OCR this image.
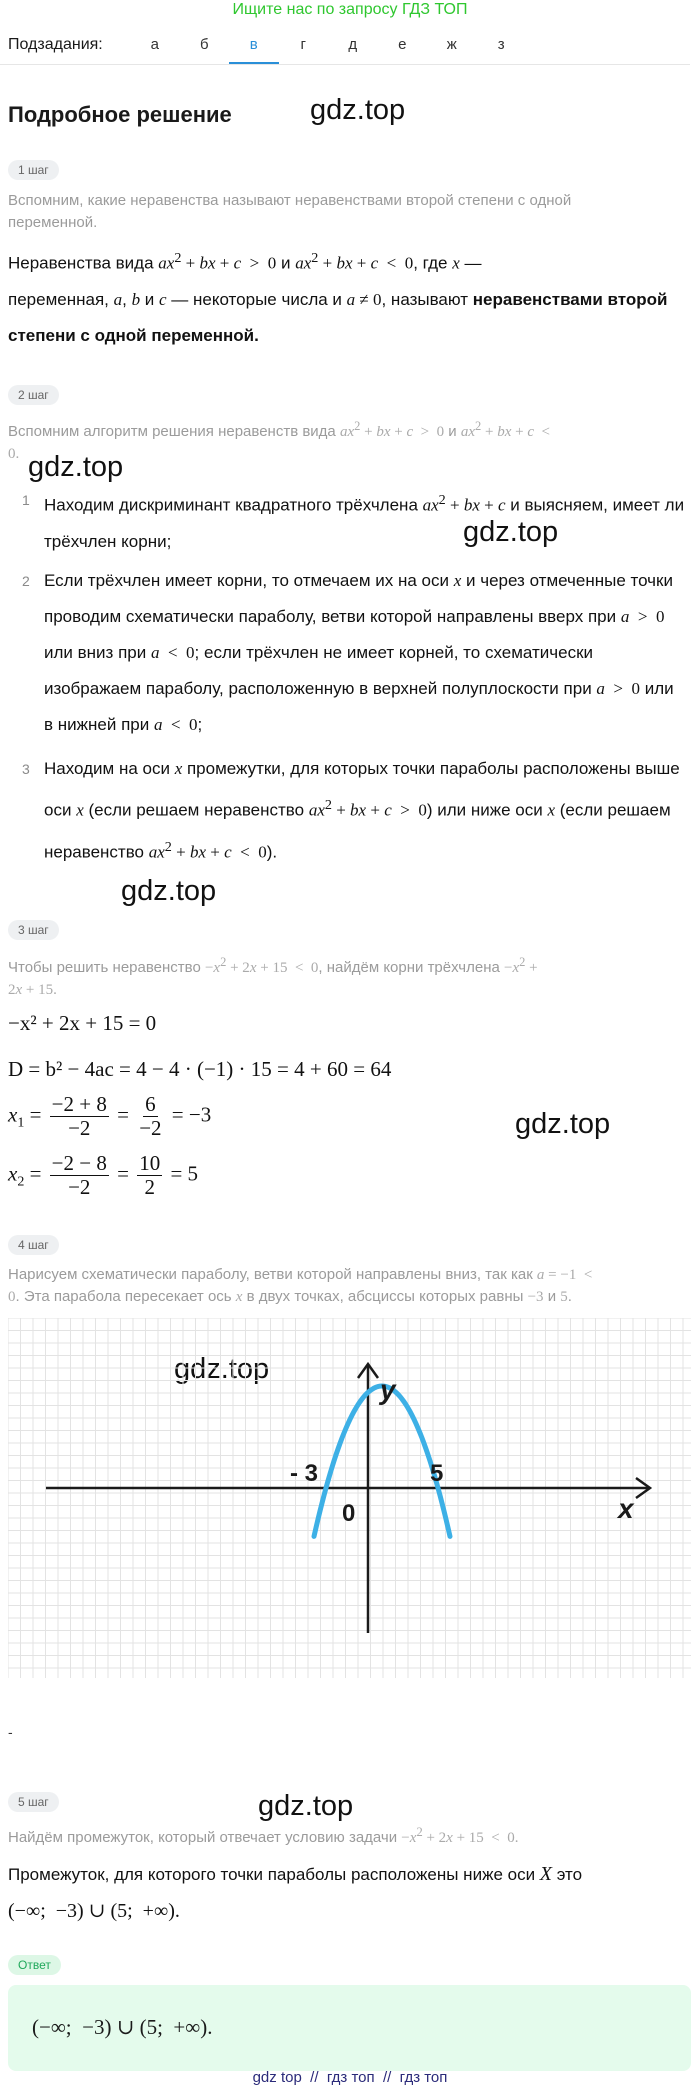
Ищите нас по запросу ГДЗ ТОП
Подзадания:	а	б	в	г	д	е	ж	з
Подробное решение	gdz.top
gdz.top
gdz.top
gdz.top
gdz.top
gdz.top
gdz.top
1 шаг
Вспомним, какие неравенства называют неравенствами второй степени с одной переменной.
Неравенства вида $ax^2$ + bx + c  >  0 и $ax^2$ + bx + c  <  0, где x —
переменная, a, b и c — некоторые числа и a ≠ 0, называют неравенствами второй степени с одной переменной.
2 шаг
Вспомним алгоритм решения неравенств вида $ax^2$ + bx + c  >  0 и $ax^2$ + bx + c  <
0.
1 Находим дискриминант квадратного трёхчлена $ax^2$ + bx + c и выясняем, имеет ли трёхчлен корни;
2 Если трёхчлен имеет корни, то отмечаем их на оси x и через отмеченные точки проводим схематически параболу, ветви которой направлены вверх при a  >  0 или вниз при a  <  0; если трёхчлен не имеет корней, то схематически изображаем параболу, расположенную в верхней полуплоскости при a  >  0 или в нижней при a  <  0;
3 Находим на оси x промежутки, для которых точки параболы расположены выше оси x (если решаем неравенство $ax^2$ + bx + c  >  0) или ниже оси x (если решаем неравенство $ax^2$ + bx + c  <  0).
3 шаг
Чтобы решить неравенство $-x^2 + 2x + 15 < 0$, найдём корни трёхчлена $-x^2$ +
2x + 15.
−x² + 2x + 15 = 0
D = b² − 4ac = 4 − 4 · (−1) · 15 = 4 + 60 = 64
$x_1 = \frac{-2 + 8}{-2} = \frac{6}{-2} = -3$
$x_2 = \frac{-2 - 8}{-2} = \frac{10}{2} = 5$
4 шаг
Нарисуем схематически параболу, ветви которой направлены вниз, так как a = −1  <
0. Эта парабола пересекает ось x в двух точках, абсциссы которых равны −3 и 5.
y
x
0
- 3	5
-
5 шаг
Найдём промежуток, который отвечает условию задачи $-x^2 + 2x + 15 < 0$.
Промежуток, для которого точки параболы расположены ниже оси X это
(−∞;  −3) ∪ (5;  +∞).
Ответ
(−∞;  −3) ∪ (5;  +∞).
gdz top // гдз топ // гдз топ
